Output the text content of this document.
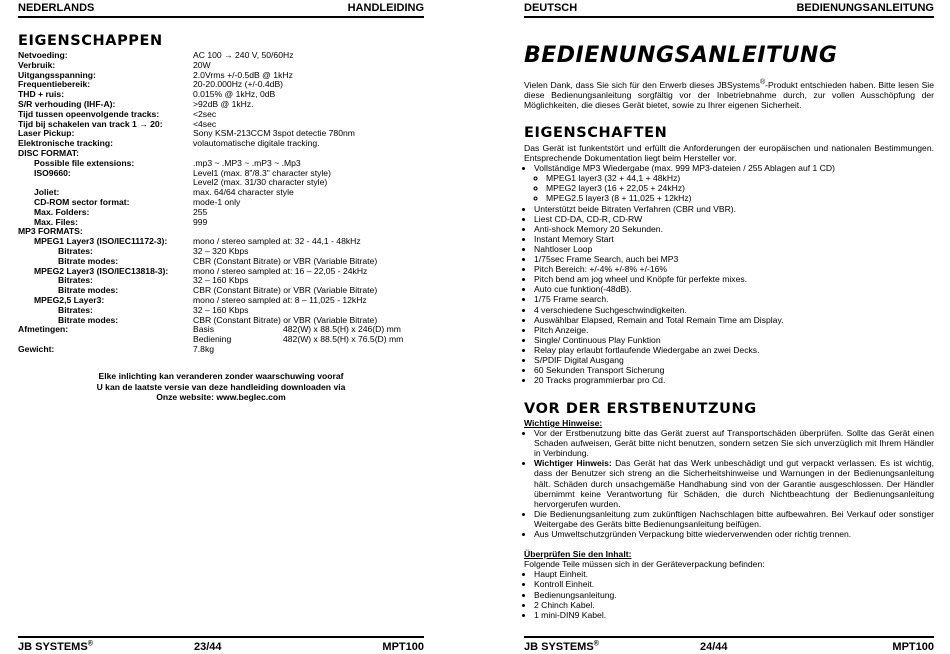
NEDERLANDS	HANDLEIDING
EIGENSCHAPPEN
Netvoeding:	AC 100 → 240 V, 50/60Hz
Verbruik:	20W
Uitgangsspanning:	2.0Vrms +/-0.5dB @ 1kHz
Frequentiebereik:	20-20.000Hz (+/-0.4dB)
THD + ruis:	0.015% @ 1kHz, 0dB
S/R verhouding (IHF-A):	>92dB @ 1kHz.
Tijd tussen opeenvolgende tracks:	<2sec
Tijd bij schakelen van track 1 → 20:	<4sec
Laser Pickup:	Sony KSM-213CCM 3spot detectie 780nm
Elektronische tracking:	volautomatische digitale tracking.
DISC FORMAT:	
Possible file extensions:	.mp3 ~ .MP3 ~ .mP3 ~ .Mp3
ISO9660:	Level1 (max. 8"/8.3" character style)
	Level2 (max. 31/30 character style)
Joliet:	max. 64/64 character style
CD-ROM sector format:	mode-1 only
Max. Folders:	255
Max. Files:	999
MP3 FORMATS:	
MPEG1 Layer3 (ISO/IEC11172-3):	mono / stereo sampled at: 32 - 44,1 - 48kHz
Bitrates:	32 – 320 Kbps
Bitrate modes:	CBR (Constant Bitrate) or VBR (Variable Bitrate)
MPEG2 Layer3 (ISO/IEC13818-3):	mono / stereo sampled at: 16 – 22,05 - 24kHz
Bitrates:	32 – 160 Kbps
Bitrate modes:	CBR (Constant Bitrate) or VBR (Variable Bitrate)
MPEG2,5 Layer3:	mono / stereo sampled at: 8 – 11,025 - 12kHz
Bitrates:	32 – 160 Kbps
Bitrate modes:	CBR (Constant Bitrate) or VBR (Variable Bitrate)
Afmetingen:	Basis 482(W) x 88.5(H) x 246(D) mm
	Bediening 482(W) x 88.5(H) x 76.5(D) mm
Gewicht:	7.8kg
Elke inlichting kan veranderen zonder waarschuwing vooraf
U kan de laatste versie van deze handleiding downloaden via
Onze website: www.beglec.com
JB SYSTEMS®	23/44	MPT100
DEUTSCH	BEDIENUNGSANLEITUNG
BEDIENUNGSANLEITUNG
Vielen Dank, dass Sie sich für den Erwerb dieses JBSystems®-Produkt entschieden haben. Bitte lesen Sie diese Bedienungsanleitung sorgfältig vor der Inbetriebnahme durch, zur vollen Ausschöpfung der Möglichkeiten, die dieses Gerät bietet, sowie zu Ihrer eigenen Sicherheit.
EIGENSCHAFTEN
Das Gerät ist funkentstört und erfüllt die Anforderungen der europäischen und nationalen Bestimmungen. Entsprechende Dokumentation liegt beim Hersteller vor.
• Vollständige MP3 Wiedergabe (max. 999 MP3-dateien / 255 Ablagen auf 1 CD)
◦ MPEG1 layer3 (32 + 44,1 + 48kHz)
◦ MPEG2 layer3 (16 + 22,05 + 24kHz)
◦ MPEG2.5 layer3 (8 + 11,025 + 12kHz)
• Unterstützt beide Bitraten Verfahren (CBR und VBR).
• Liest CD-DA, CD-R, CD-RW
• Anti-shock Memory 20 Sekunden.
• Instant Memory Start
• Nahtloser Loop
• 1/75sec Frame Search, auch bei MP3
• Pitch Bereich: +/-4% +/-8% +/-16%
• Pitch bend am jog wheel und Knöpfe für perfekte mixes.
• Auto cue funktion(-48dB).
• 1/75 Frame search.
• 4 verschiedene Suchgeschwindigkeiten.
• Auswählbar Elapsed, Remain and Total Remain Time am Display.
• Pitch Anzeige.
• Single/ Continuous Play Funktion
• Relay play erlaubt fortlaufende Wiedergabe an zwei Decks.
• S/PDIF Digital Ausgang
• 60 Sekunden Transport Sicherung
• 20 Tracks programmierbar pro Cd.
VOR DER ERSTBENUTZUNG
Wichtige Hinweise:
• Vor der Erstbenutzung bitte das Gerät zuerst auf Transportschäden überprüfen. Sollte das Gerät einen Schaden aufweisen, Gerät bitte nicht benutzen, sondern setzen Sie sich unverzüglich mit Ihrem Händler in Verbindung.
• Wichtiger Hinweis: Das Gerät hat das Werk unbeschädigt und gut verpackt verlassen. Es ist wichtig, dass der Benutzer sich streng an die Sicherheitshinweise und Warnungen in der Bedienungsanleitung hält. Schäden durch unsachgemäße Handhabung sind von der Garantie ausgeschlossen. Der Händler übernimmt keine Verantwortung für Schäden, die durch Nichtbeachtung der Bedienungsanleitung hervorgerufen wurden.
• Die Bedienungsanleitung zum zukünftigen Nachschlagen bitte aufbewahren. Bei Verkauf oder sonstiger Weitergabe des Geräts bitte Bedienungsanleitung beifügen.
• Aus Umweltschutzgründen Verpackung bitte wiederverwenden oder richtig trennen.
Überprüfen Sie den Inhalt:
Folgende Teile müssen sich in der Geräteverpackung befinden:
• Haupt Einheit.
• Kontroll Einheit.
• Bedienungsanleitung.
• 2 Chinch Kabel.
• 1 mini-DIN9 Kabel.
JB SYSTEMS®	24/44	MPT100
